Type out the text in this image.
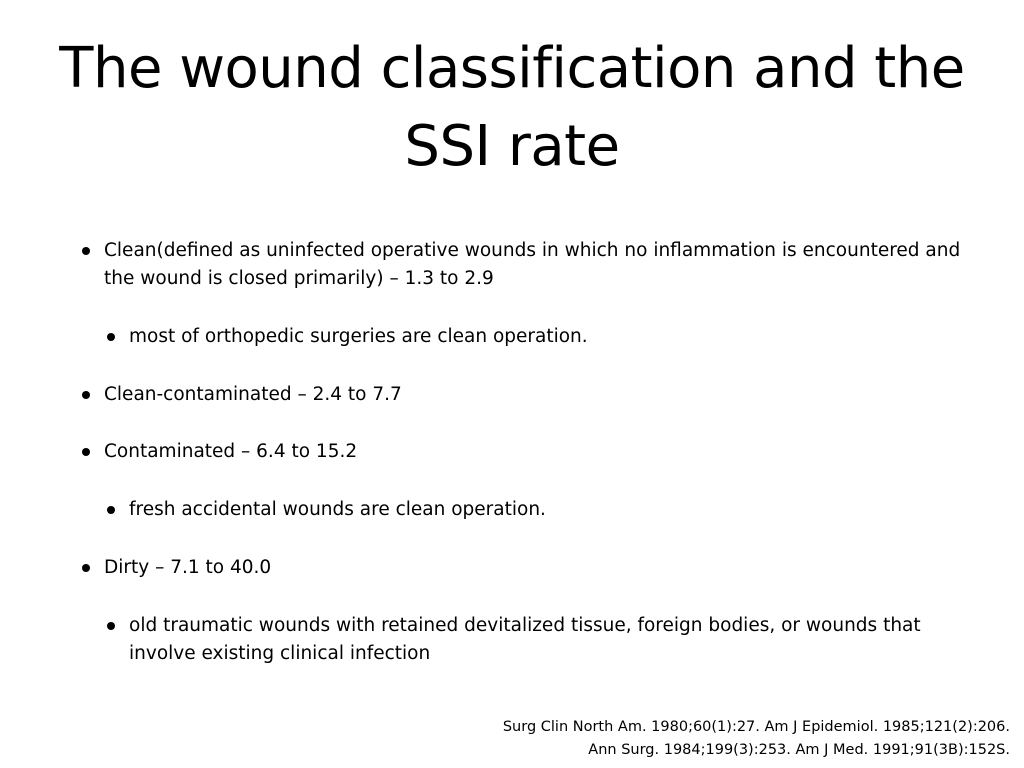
The wound classification and the
SSI rate
Clean(defined as uninfected operative wounds in which no inflammation is encountered and the wound is closed primarily) – 1.3 to 2.9
most of orthopedic surgeries are clean operation.
Clean-contaminated – 2.4 to 7.7
Contaminated – 6.4 to 15.2
fresh accidental wounds are clean operation.
Dirty – 7.1 to 40.0
old traumatic wounds with retained devitalized tissue, foreign bodies, or wounds that involve existing clinical infection
Surg Clin North Am. 1980;60(1):27. Am J Epidemiol. 1985;121(2):206.
Ann Surg. 1984;199(3):253. Am J Med. 1991;91(3B):152S.
